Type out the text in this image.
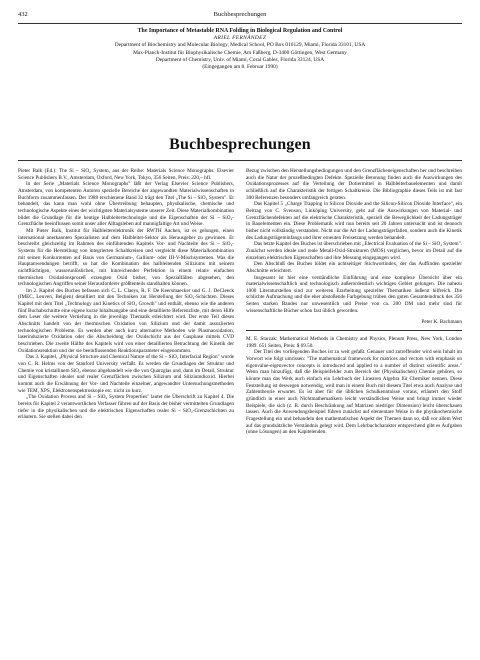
432	Buchbesprechungen
The Importance of Metastable RNA Folding in Biological Regulation and Control
ARIEL FERNÁNDEZ
Department of Biochemistry and Molecular Biology, Medical School, PO Box 016129, Miami, Florida 33101, USA
Max-Planck-Institut für Biophysikalische Chemie, Am Faßberg, D-3400 Göttingen, West Germany
Department of Chemistry, Univ. of Miami, Coral Gables, Florida 33124, USA
(Eingegangen am 8. Februar 1990)
Buchbesprechungen

Pieter Balk (Ed.): The Si – SiO₂ System, aus der Reihe: Materials Science Monographs. Elsevier Science Publishers B.V., Amsterdam, Oxford, New York, Tokyo, 356 Seiten, Preis: 220,– hfl.

In der Serie „Materials Science Monographs" läßt der Verlag Elsevier Science Publishers, Amsterdam, von kompetenten Autoren spezielle Bereiche der angewandten Materialwissenschaften in Buchform zusammenfassen. Der 1988 erschienene Band 32 trägt den Titel „The Si – SiO₂ System". Er behandelt, das kann man wohl ohne Übertreibung behaupten, physikalische, chemische und technologische Aspekte eines der wichtigsten Materialsysteme unserer Zeit. Diese Materialkombination bildet die Grundlage für die heutige Halbleitertechnologie und die Eigenschaften der Si – SiO₂-Grenzfläche beeinflussen somit unser aller Alltagsleben auf mannigfaltige Art und Weise.

Mit Pieter Balk, Institut für Halbleiterelektronik der RWTH Aachen, ist es gelungen, einen international anerkannten Spezialisten auf dem Halbleiter-Sektor als Herausgeber zu gewinnen. Er beschreibt gleichzeitig im Rahmen des einführenden Kapitels Vor- und Nachteile des Si – SiO₂-Systems für die Herstellung von integrierten Schaltkreisen und vergleicht diese Materialkombination mit seinen Konkurrenten auf Basis von Germanium-, Gallium- oder III-V-Mischsystemen. Was die Hauptanwendungen betrifft, so hat die Kombination des halbleitenden Siliziums mit seinem nichtflüchtigen, wasserunlöslichen, mit hinreichender Perfektion in einem relativ einfachen thermischen Oxidationsprozeß erzeugten Oxid bisher, von Spezialfällen abgesehen, den technologischen Angriffen seiner Herausforderer größtenteils standhalten können.

Im 2. Kapitel des Buches befassen sich C. L. Claeys, R. F. De Keersmaecker und G. J. DeCleeck (IMEC, Leuven, Belgien) detailliert mit den Techniken zur Herstellung der SiO₂-Schichten. Dieses Kapitel mit dem Titel „Technology and Kinetics of SiO₂ Growth" und enthält, ebenso wie die anderen fünf Buchabschnitte eine eigene kurze Inhaltsangabe und eine detaillierte Referenzliste, mit deren Hilfe dem Leser die weitere Vertiefung in die jeweilige Thematik erleichtert wird. Der erste Teil dieses Abschnitts handelt von der thermischen Oxidation von Silizium und der damit assoziierten technologischen Probleme. Es werden aber auch kurz alternative Methoden wie Plasmaoxidation, laserinduzierte Oxidation oder die Abscheidung der Oxidschicht aus der Gasphase mittels CVD beschrieben. Die zweite Hälfte des Kapitels wird von einer detaillierten Betrachtung der Kinetik der Oxidationsreaktion und der sie beeinflussenden Reaktionsparameter eingenommen.

Das 3. Kapitel, „Physical Structure and Chemical Nature of the Si – SiO₂ Interfacial Region" wurde von C. R. Helms von der Stanford University verfaßt. Es werden die Grundlagen der Struktur und Chemie von kristallinem SiO₂ ebenso abgehandelt wie die von Quarzglas und, dann im Detail, Struktur und Eigenschaften idealer und realer Grenzflächen zwischen Silizium und Siliziumdioxid. Hierbei kommt auch die Erwähnung der Vor- und Nachteile einzelner, angewandter Untersuchungsmethoden wie TEM, XPS, Elektronenspektroskopie etc. nicht zu kurz.

„The Oxidation Process and Si – SiO₂ System Properties" lautet die Überschrift zu Kapitel 4. Die bereits für Kapitel 2 verantwortlichen Verfasser führen auf der Basis der bisher vermittelten Grundlagen tiefer in die physikalischen und die elektrischen Eigenschaften realer Si – SiO₂-Grenzschichten zu erläutern. Sie stellen dabei den

Bezug zwischen den Herstellungsbedingungen und den Grenzflächeneigenschaften her und beschreiben auch die Natur der prozeßbedingten Defekte. Spezielle Betonung finden auch die Auswirkungen des Oxidationsprozesses auf die Verteilung der Dotiermittel in Halbleiterbauelementen und damit schließlich auf die Charakteristik der fertigen Schaltkreise. Die Bibliographie dieses Teils ist mit fast 300 Referenzen besonders umfangreich geraten.

Das Kapitel 5 „Charge Trapping in Silicon Dioxide and the Silicon-Silicon Dioxide Interface", ein Beitrag von C. Svenson, Linköping University, geht auf die Auswirkungen von Material- und Grenzflächendefekten auf die elektrische Charakteristik, speziell die Beweglichkeit der Ladungsträger in Bauelementen ein. Diese Problematik wird nun bereits seit 20 Jahren untersucht und ist dennoch bisher nicht vollständig verstanden. Nicht nur die Art der Ladungsträgerfallen, sondern auch die Kinetik des Ladungsträgereinfangs und ihrer erneuten Freisetzung werden behandelt.

Das letzte Kapitel des Buches ist überschrieben mit „Electrical Evaluation of the Si – SiO₂ System". Zunächst werden ideale und reale Metall-Oxid-Strukturen (MOS) verglichen, bevor im Detail auf die einzelnen elektrischen Eigenschaften und ihre Messung eingegangen wird.

Den Abschluß des Buches bildet ein achtseitiger Stichwortindex, der das Auffinden spezieller Abschnitte erleichtert.

Insgesamt ist hier eine verständliche Einführung und eine komplexe Übersicht über ein materialwissenschaftlich und technologisch außerordentlich wichtiges Gebiet gelungen. Die nahezu 1000 Literaturstellen sind zur weiteren Erarbeitung spezieller Thematiken äußerst hilfreich. Die schlichte Aufmachung und die eher abstoßende Farbgebung trüben den guten Gesamteindruck des 356 Seiten starken Bandes nur unwesentlich und Preise von ca. 200 DM und mehr sind für wissenschaftliche Bücher schon fast üblich geworden.

Peter K. Bachmann

M. E. Starzak: Mathematical Methods in Chemistry and Physics, Plenum Press, New York, London 1989. 651 Seiten, Preis: $ 69.50.

Der Titel des vorliegenden Buches ist zu weit gefaßt. Genauer und zutreffender wird sein Inhalt im Vorwort wie folgt umrissen: "The mathematical framework for matrices and vectors with emphasis on eigenvalue-eigenvector concepts is introduced and applied to a number of distinct scientific areas." Wenn man hinzufügt, daß die Beispielfelder zum Bereich der (Physikalischen) Chemie gehören, so könnte man das Werk auch einfach ein Lehrbuch der Linearen Algebra für Chemiker nennen. Diese Feststellung ist deswegen notwendig, weil man in einem Buch mit diesem Titel etwa auch Analyse und Zahlentheorie erwartet. Es ist aber für die üblichen Schulkenntnisse voraus, erläutert den Stoff gründlich in einer auch Nichtmathematikern leicht verständlichen Weise und bringt immer wieder Beispiele, die sich (z. B. durch Beschränkung auf Matrizen niedriger Dimension) leicht überschauen lassen. Auch die Anwendungsbeispiel führen zunächst auf elementare Weise in die physikochemische Fragestellung ein und behandeln den mathematischen Aspekt der Themen dann so, daß vor allem Wert auf das grundsätzliche Verständnis gelegt wird. Dem Lehrbuchcharakter entsprechend gibt es Aufgaben (ohne Lösungen) an den Kapitelenden.
